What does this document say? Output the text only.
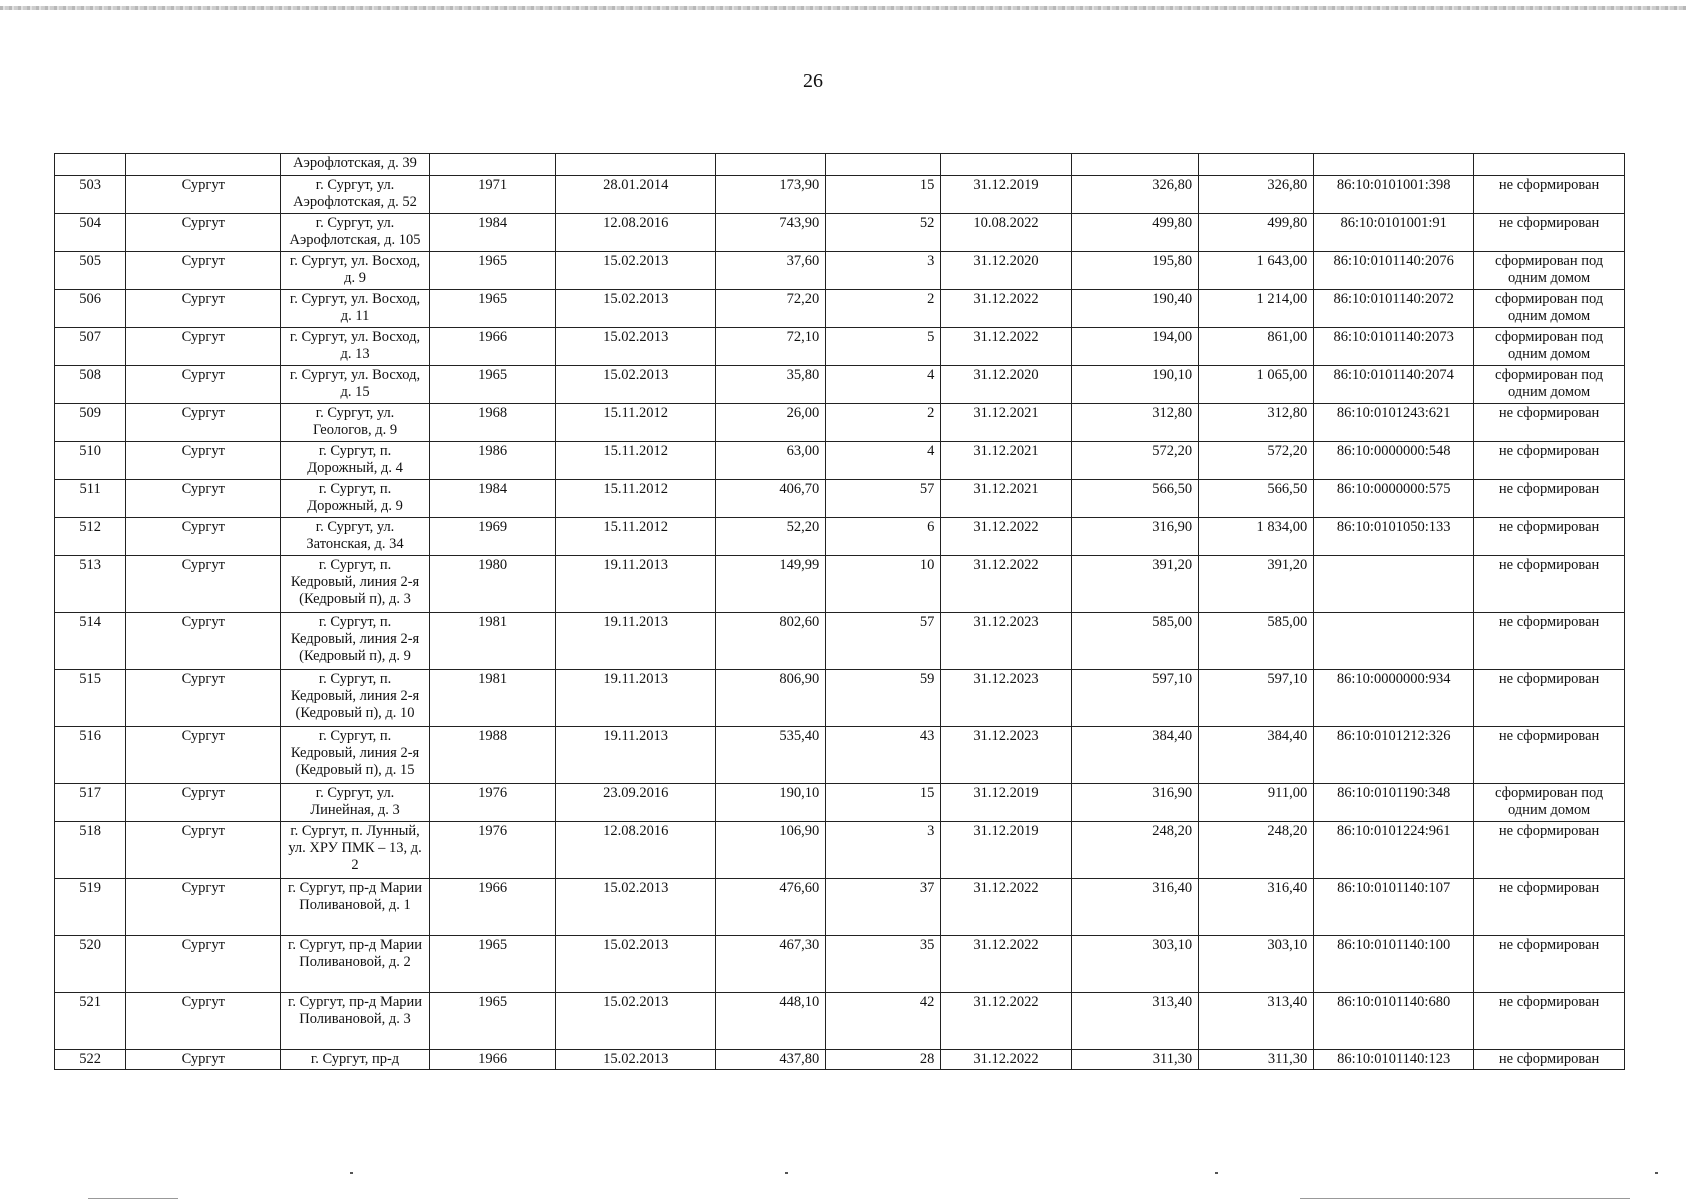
26
		Аэрофлотская, д. 39									
503	Сургут	г. Сургут, ул. Аэрофлотская, д. 52	1971	28.01.2014	173,90	15	31.12.2019	326,80	326,80	86:10:0101001:398	не сформирован
504	Сургут	г. Сургут, ул. Аэрофлотская, д. 105	1984	12.08.2016	743,90	52	10.08.2022	499,80	499,80	86:10:0101001:91	не сформирован
505	Сургут	г. Сургут, ул. Восход, д. 9	1965	15.02.2013	37,60	3	31.12.2020	195,80	1 643,00	86:10:0101140:2076	сформирован под одним домом
506	Сургут	г. Сургут, ул. Восход, д. 11	1965	15.02.2013	72,20	2	31.12.2022	190,40	1 214,00	86:10:0101140:2072	сформирован под одним домом
507	Сургут	г. Сургут, ул. Восход, д. 13	1966	15.02.2013	72,10	5	31.12.2022	194,00	861,00	86:10:0101140:2073	сформирован под одним домом
508	Сургут	г. Сургут, ул. Восход, д. 15	1965	15.02.2013	35,80	4	31.12.2020	190,10	1 065,00	86:10:0101140:2074	сформирован под одним домом
509	Сургут	г. Сургут, ул. Геологов, д. 9	1968	15.11.2012	26,00	2	31.12.2021	312,80	312,80	86:10:0101243:621	не сформирован
510	Сургут	г. Сургут, п. Дорожный, д. 4	1986	15.11.2012	63,00	4	31.12.2021	572,20	572,20	86:10:0000000:548	не сформирован
511	Сургут	г. Сургут, п. Дорожный, д. 9	1984	15.11.2012	406,70	57	31.12.2021	566,50	566,50	86:10:0000000:575	не сформирован
512	Сургут	г. Сургут, ул. Затонская, д. 34	1969	15.11.2012	52,20	6	31.12.2022	316,90	1 834,00	86:10:0101050:133	не сформирован
513	Сургут	г. Сургут, п. Кедровый, линия 2-я (Кедровый п), д. 3	1980	19.11.2013	149,99	10	31.12.2022	391,20	391,20		не сформирован
514	Сургут	г. Сургут, п. Кедровый, линия 2-я (Кедровый п), д. 9	1981	19.11.2013	802,60	57	31.12.2023	585,00	585,00		не сформирован
515	Сургут	г. Сургут, п. Кедровый, линия 2-я (Кедровый п), д. 10	1981	19.11.2013	806,90	59	31.12.2023	597,10	597,10	86:10:0000000:934	не сформирован
516	Сургут	г. Сургут, п. Кедровый, линия 2-я (Кедровый п), д. 15	1988	19.11.2013	535,40	43	31.12.2023	384,40	384,40	86:10:0101212:326	не сформирован
517	Сургут	г. Сургут, ул. Линейная, д. 3	1976	23.09.2016	190,10	15	31.12.2019	316,90	911,00	86:10:0101190:348	сформирован под одним домом
518	Сургут	г. Сургут, п. Лунный, ул. ХРУ ПМК – 13, д. 2	1976	12.08.2016	106,90	3	31.12.2019	248,20	248,20	86:10:0101224:961	не сформирован
519	Сургут	г. Сургут, пр-д Марии Поливановой, д. 1	1966	15.02.2013	476,60	37	31.12.2022	316,40	316,40	86:10:0101140:107	не сформирован
520	Сургут	г. Сургут, пр-д Марии Поливановой, д. 2	1965	15.02.2013	467,30	35	31.12.2022	303,10	303,10	86:10:0101140:100	не сформирован
521	Сургут	г. Сургут, пр-д Марии Поливановой, д. 3	1965	15.02.2013	448,10	42	31.12.2022	313,40	313,40	86:10:0101140:680	не сформирован
522	Сургут	г. Сургут, пр-д	1966	15.02.2013	437,80	28	31.12.2022	311,30	311,30	86:10:0101140:123	не сформирован
